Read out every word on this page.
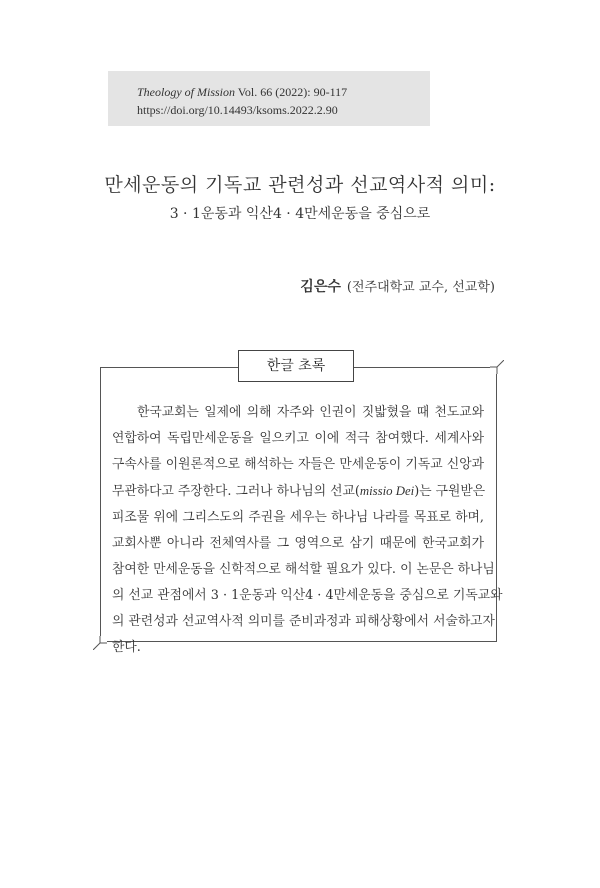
Theology of Mission Vol. 66 (2022): 90-117
https://doi.org/10.14493/ksoms.2022.2.90
만세운동의 기독교 관련성과 선교역사적 의미:
3 · 1운동과 익산4 · 4만세운동을 중심으로
김은수 (전주대학교 교수, 선교학)
한글 초록

한국교회는 일제에 의해 자주와 인권이 짓밟혔을 때 천도교와
연합하여 독립만세운동을 일으키고 이에 적극 참여했다. 세계사와
구속사를 이원론적으로 해석하는 자들은 만세운동이 기독교 신앙과
무관하다고 주장한다. 그러나 하나님의 선교(missio Dei)는 구원받은
피조물 위에 그리스도의 주권을 세우는 하나님 나라를 목표로 하며,
교회사뿐 아니라 전체역사를 그 영역으로 삼기 때문에 한국교회가
참여한 만세운동을 신학적으로 해석할 필요가 있다. 이 논문은 하나님
의 선교 관점에서 3 · 1운동과 익산4 · 4만세운동을 중심으로 기독교와
의 관련성과 선교역사적 의미를 준비과정과 피해상황에서 서술하고자
한다.
